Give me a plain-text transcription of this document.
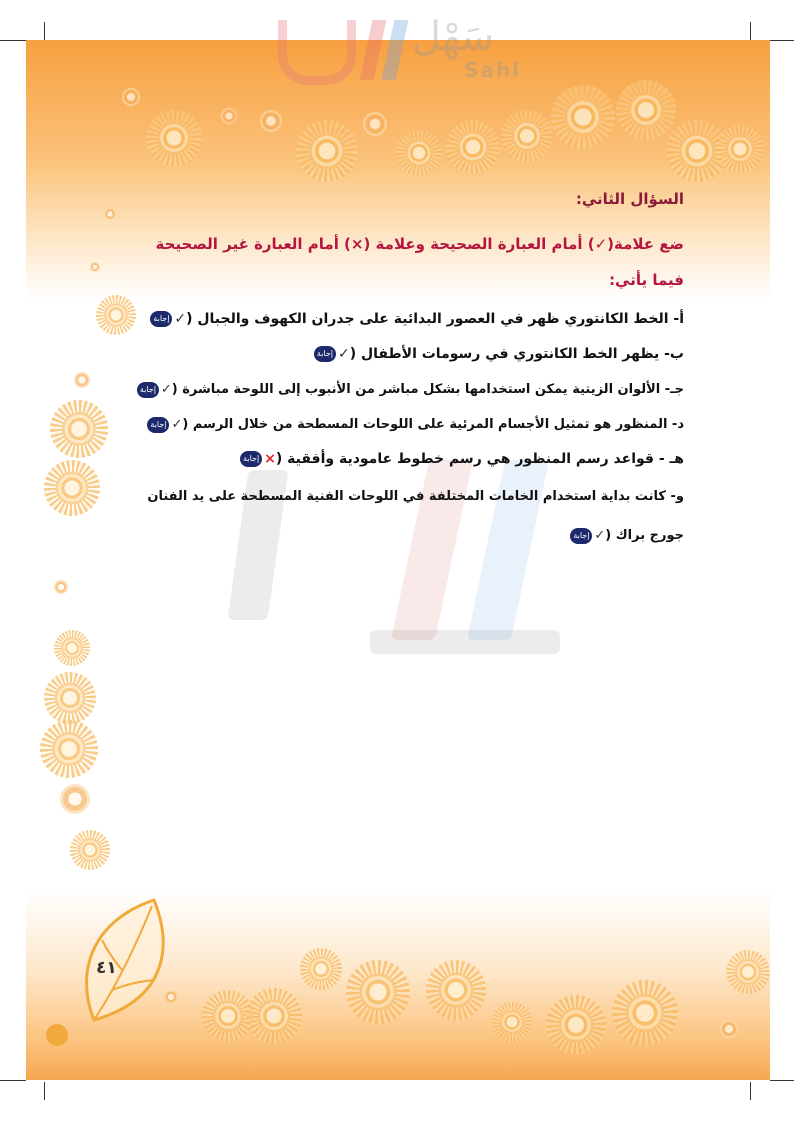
سَهْل
Sahl

السؤال الثاني:

ضع علامة(✓) أمام العبارة الصحيحة وعلامة (×) أمام العبارة غير الصحيحة
فيما يأتي:

أ- الخط الكانتوري ظهر في العصور البدائية على جدران الكهوف والجبال (✓إجابة

ب- يظهر الخط الكانتوري في رسومات الأطفال (✓إجابة

جـ- الألوان الزيتية يمكن استخدامها بشكل مباشر من الأنبوب إلى اللوحة مباشرة (✓إجابة

د- المنظور هو تمثيل الأجسام المرئية على اللوحات المسطحة من خلال الرسم (✓إجابة

هـ - قواعد رسم المنظور هي رسم خطوط عامودية وأفقية (×إجابة

و- كانت بداية استخدام الخامات المختلفة في اللوحات الفنية المسطحة على يد الفنان
جورج براك (✓إجابة

٤١
